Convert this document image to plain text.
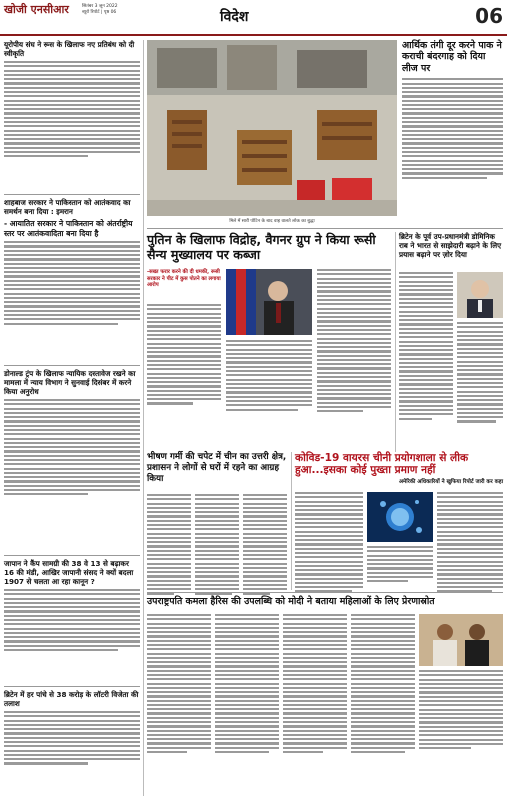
खोजी एनसीआर	सितंबर 3 जून 2022
ब्यूरो रिपोर्ट | पृष्ठ 06	विदेश	06
यूरोपीय संघ ने रूस के खिलाफ नए प्रतिबंध को दी स्वीकृति
शाहबाज सरकार ने पाकिस्तान को आतंकवाद का समर्थन बना दिया : इमरान
- आयातित सरकार ने पाकिस्तान को अंतर्राष्ट्रीय स्तर पर आतंकवादिता बना दिया है
डोनाल्ड ट्रंप के खिलाफ न्यायिक दस्तावेज रखने का मामला में न्याय विभाग ने सुनवाई दिसंबर में करने किया अनुरोध
जापान ने कैंप सामग्री की 38 वे 13 से बढ़ाकर 16 की मंडी, आखिर जापानी संसद ने क्यों बदला 1907 से चलता आ रहा कानून ?
ब्रिटेन में हर पांचे से 38 करोड़ के लॉटरी विजेता की तलाश
आर्थिक तंगी दूर करने पाक ने कराची बंदरगाह को दिया लीज पर
मिले में सारी पोटिन के बाद वाह वालते लोक का बुद्धा
पुतिन के खिलाफ विद्रोह, वैगनर ग्रुप ने किया रूसी सैन्य मुख्यालय पर कब्जा
-सख्त फरार करने की दी धमकी, रूसी सरकार ने पीट में कुस पोतने का लगाया आरोप
ब्रिटेन के पूर्व उप-प्रधानमंत्री डोमिनिक राब ने भारत से साझेदारी बढ़ाने के लिए प्रयास बढ़ाने पर ज़ोर दिया
भीषण गर्मी की चपेट में चीन का उत्तरी क्षेत्र, प्रशासन ने लोगों से घरों में रहने का आग्रह किया
कोविड-19 वायरस चीनी प्रयोगशाला से लीक हुआ...इसका कोई पुख्ता प्रमाण नहीं
अमेरिकी अधिकारियों ने खुफिया रिपोर्ट जारी कर कहा
उपराष्ट्रपति कमला हैरिस की उपलब्धि को मोदी ने बताया महिलाओं के लिए प्रेरणास्रोत
